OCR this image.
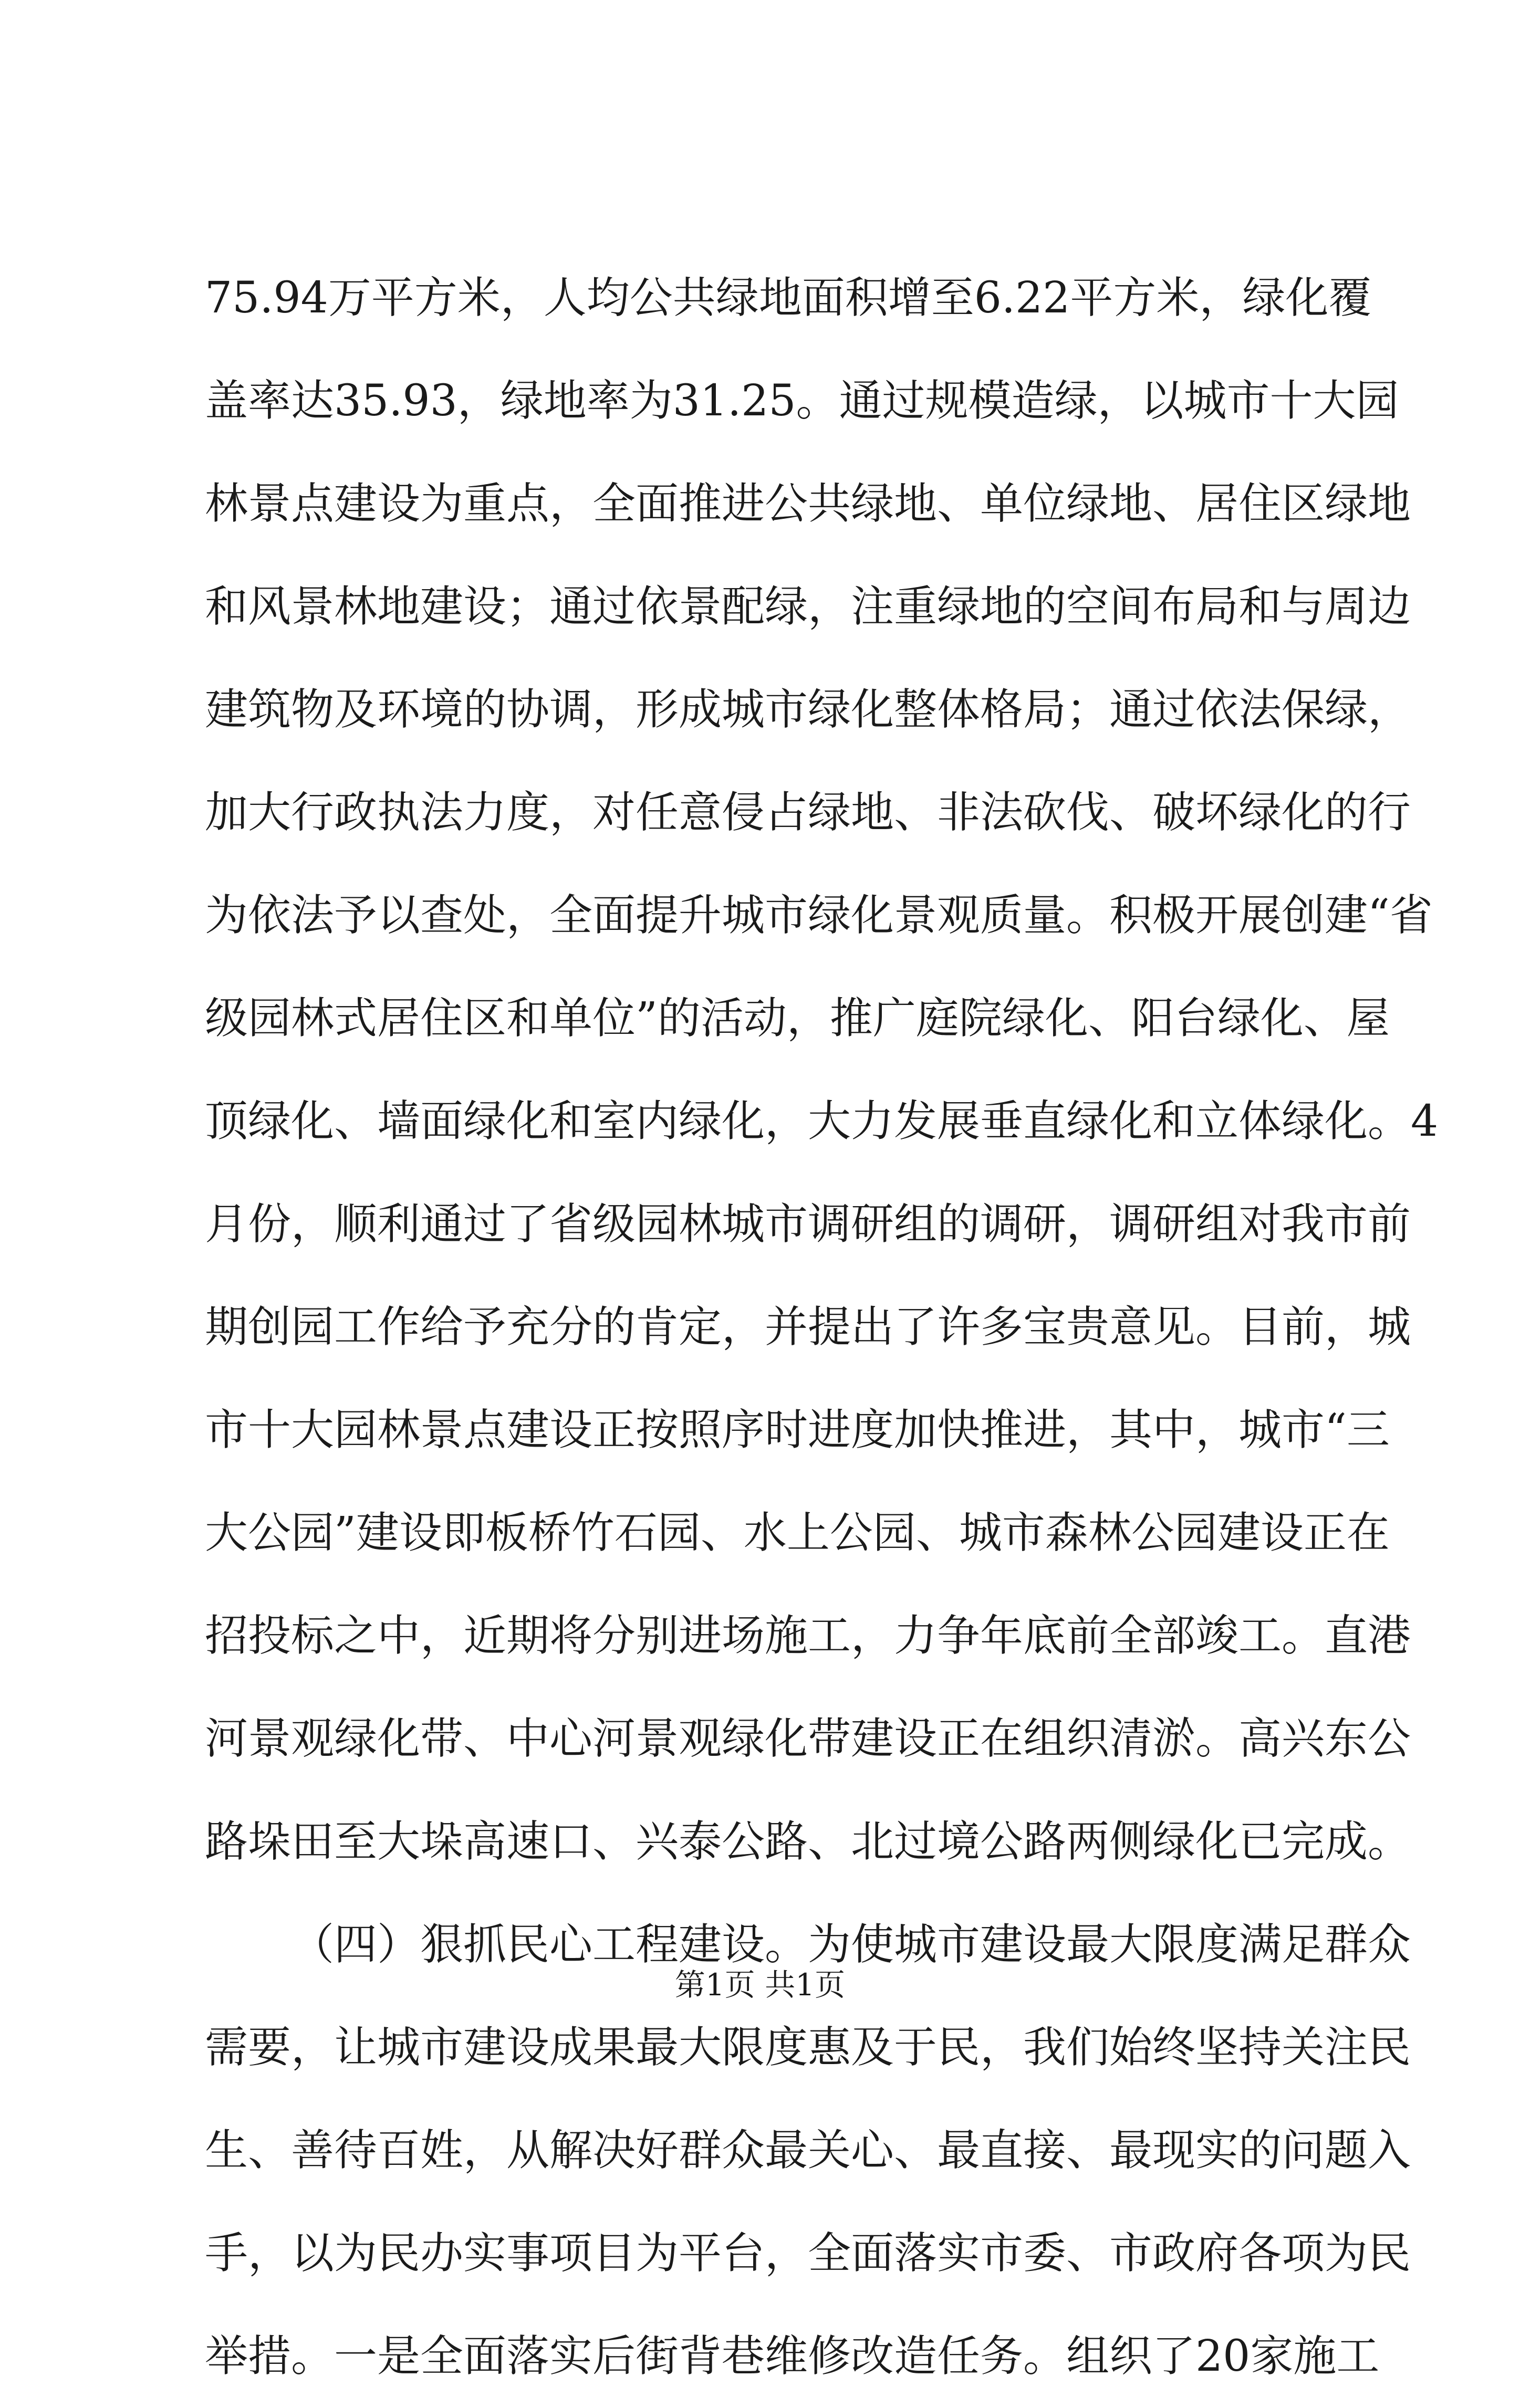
75.94万平方米，人均公共绿地面积增至6.22平方米，绿化覆
盖率达35.93，绿地率为31.25。通过规模造绿，以城市十大园
林景点建设为重点，全面推进公共绿地、单位绿地、居住区绿地
和风景林地建设；通过依景配绿，注重绿地的空间布局和与周边
建筑物及环境的协调，形成城市绿化整体格局；通过依法保绿，
加大行政执法力度，对任意侵占绿地、非法砍伐、破坏绿化的行
为依法予以查处，全面提升城市绿化景观质量。积极开展创建“省
级园林式居住区和单位”的活动，推广庭院绿化、阳台绿化、屋
顶绿化、墙面绿化和室内绿化，大力发展垂直绿化和立体绿化。4
月份，顺利通过了省级园林城市调研组的调研，调研组对我市前
期创园工作给予充分的肯定，并提出了许多宝贵意见。目前，城
市十大园林景点建设正按照序时进度加快推进，其中，城市“三
大公园”建设即板桥竹石园、水上公园、城市森林公园建设正在
招投标之中，近期将分别进场施工，力争年底前全部竣工。直港
河景观绿化带、中心河景观绿化带建设正在组织清淤。高兴东公
路垛田至大垛高速口、兴泰公路、北过境公路两侧绿化已完成。
（四）狠抓民心工程建设。为使城市建设最大限度满足群众
需要，让城市建设成果最大限度惠及于民，我们始终坚持关注民
生、善待百姓，从解决好群众最关心、最直接、最现实的问题入
手，以为民办实事项目为平台，全面落实市委、市政府各项为民
举措。一是全面落实后街背巷维修改造任务。组织了20家施工
第1页 共1页
